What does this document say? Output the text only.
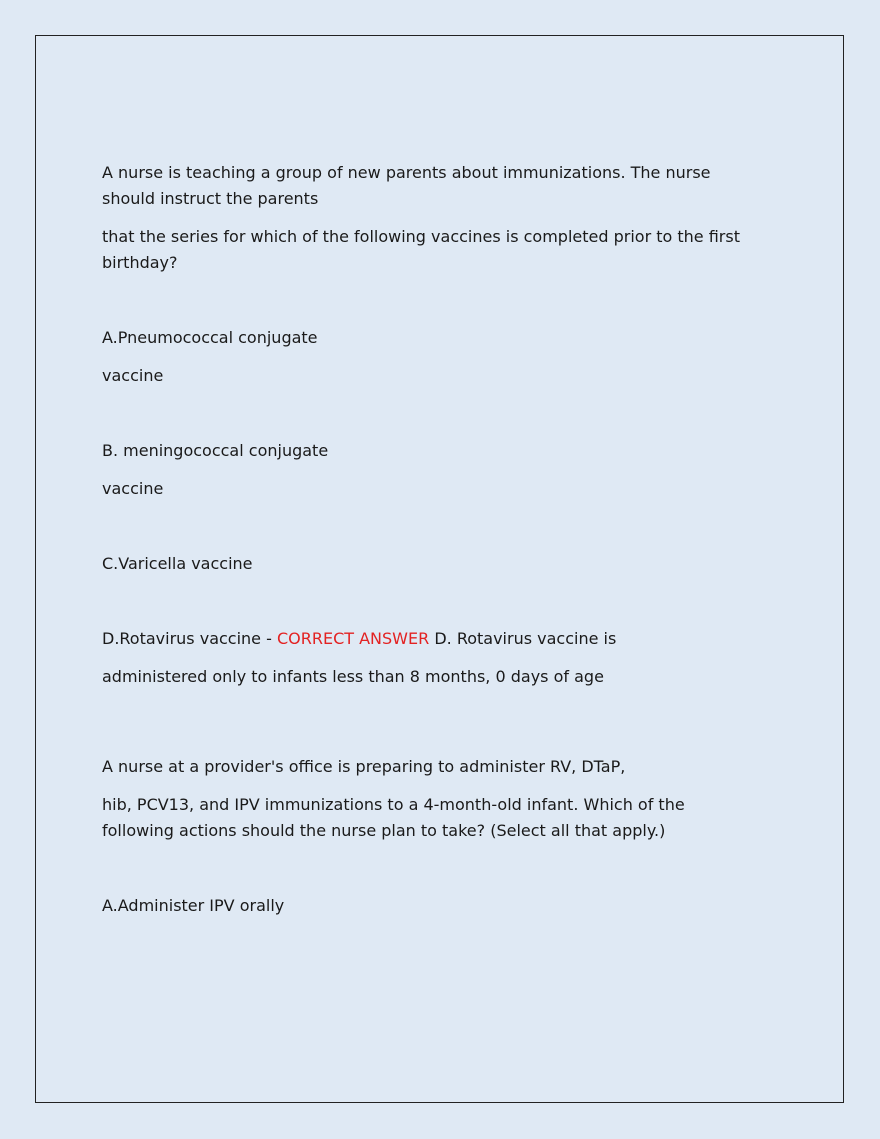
A nurse is teaching a group of new parents about immunizations. The nurse should instruct the parents

that the series for which of the following vaccines is completed prior to the first birthday?

A.Pneumococcal conjugate

vaccine

B. meningococcal conjugate

vaccine

C.Varicella vaccine

D.Rotavirus vaccine - CORRECT ANSWER D. Rotavirus vaccine is

administered only to infants less than 8 months, 0 days of age

A nurse at a provider's office is preparing to administer RV, DTaP,

hib, PCV13, and IPV immunizations to a 4-month-old infant. Which of the following actions should the nurse plan to take? (Select all that apply.)

A.Administer IPV orally
